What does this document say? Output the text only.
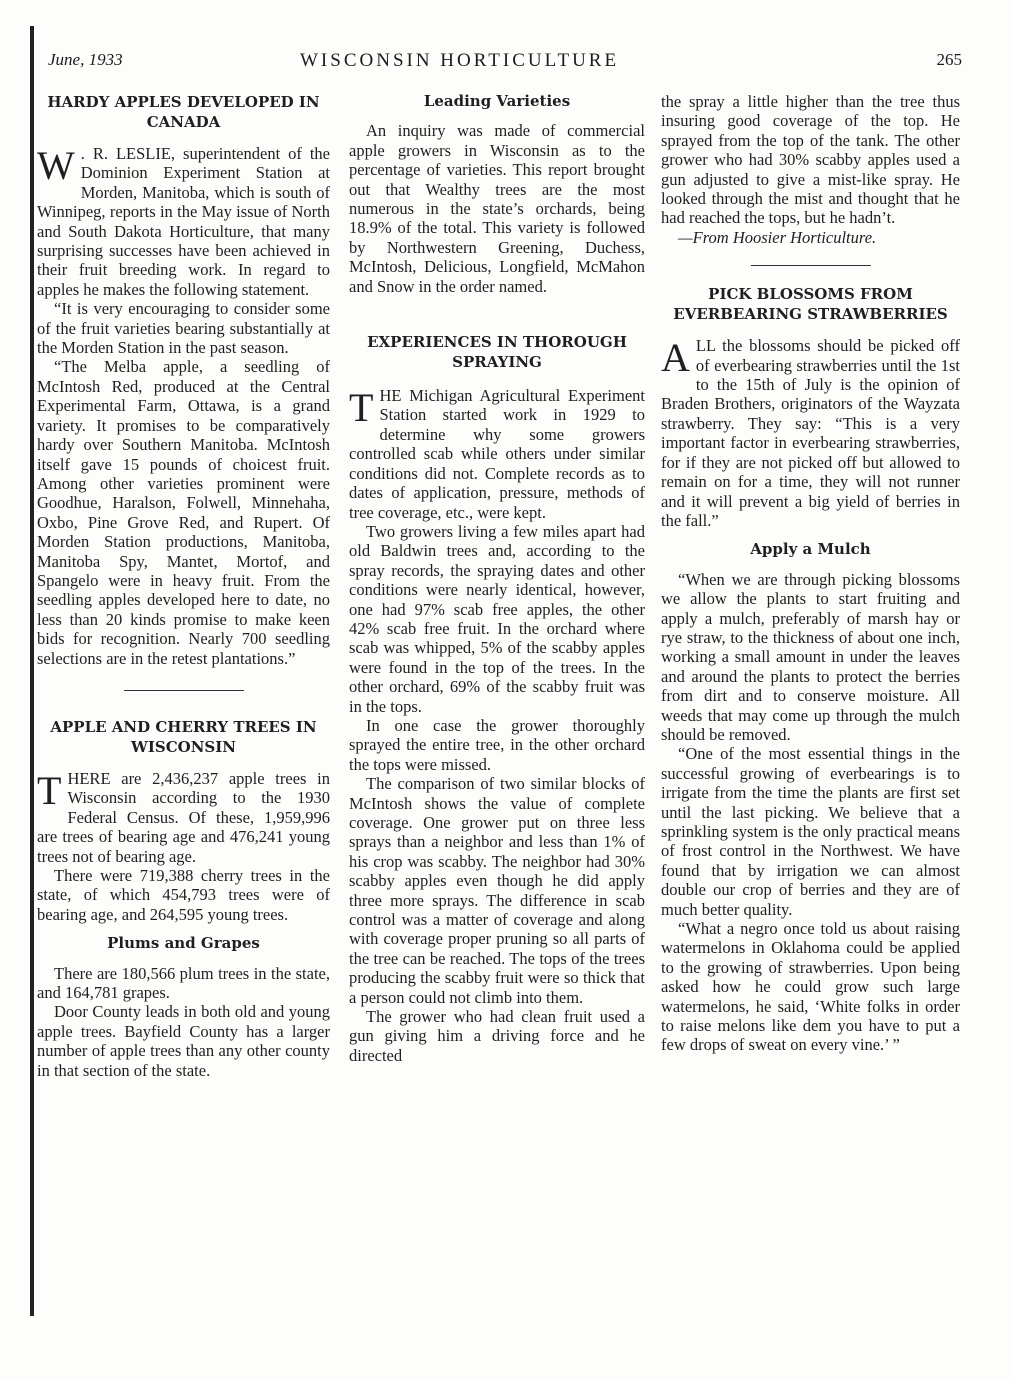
June, 1933	WISCONSIN HORTICULTURE	265
HARDY APPLES DEVELOPED IN CANADA

W . R. LESLIE, superintendent of the Dominion Experiment Station at Morden, Manitoba, which is south of Winnipeg, reports in the May issue of North and South Dakota Horticulture, that many surprising successes have been achieved in their fruit breeding work. In regard to apples he makes the following statement.

“It is very encouraging to consider some of the fruit varieties bearing substantially at the Morden Station in the past season.

“The Melba apple, a seedling of McIntosh Red, produced at the Central Experimental Farm, Ottawa, is a grand variety. It promises to be comparatively hardy over Southern Manitoba. McIntosh itself gave 15 pounds of choicest fruit. Among other varieties prominent were Goodhue, Haralson, Folwell, Minnehaha, Oxbo, Pine Grove Red, and Rupert. Of Morden Station productions, Manitoba, Manitoba Spy, Mantet, Mortof, and Spangelo were in heavy fruit. From the seedling apples developed here to date, no less than 20 kinds promise to make keen bids for recognition. Nearly 700 seedling selections are in the retest plantations.”

APPLE AND CHERRY TREES IN WISCONSIN

THERE are 2,436,237 apple trees in Wisconsin according to the 1930 Federal Census. Of these, 1,959,996 are trees of bearing age and 476,241 young trees not of bearing age.

There were 719,388 cherry trees in the state, of which 454,793 trees were of bearing age, and 264,595 young trees.

Plums and Grapes

There are 180,566 plum trees in the state, and 164,781 grapes.

Door County leads in both old and young apple trees. Bayfield County has a larger number of apple trees than any other county in that section of the state.

Leading Varieties

An inquiry was made of commercial apple growers in Wisconsin as to the percentage of varieties. This report brought out that Wealthy trees are the most numerous in the state’s orchards, being 18.9% of the total. This variety is followed by Northwestern Greening, Duchess, McIntosh, Delicious, Longfield, McMahon and Snow in the order named.

EXPERIENCES IN THOROUGH SPRAYING

THE Michigan Agricultural Experiment Station started work in 1929 to determine why some growers controlled scab while others under similar conditions did not. Complete records as to dates of application, pressure, methods of tree coverage, etc., were kept.

Two growers living a few miles apart had old Baldwin trees and, according to the spray records, the spraying dates and other conditions were nearly identical, however, one had 97% scab free apples, the other 42% scab free fruit. In the orchard where scab was whipped, 5% of the scabby apples were found in the top of the trees. In the other orchard, 69% of the scabby fruit was in the tops.

In one case the grower thoroughly sprayed the entire tree, in the other orchard the tops were missed.

The comparison of two similar blocks of McIntosh shows the value of complete coverage. One grower put on three less sprays than a neighbor and less than 1% of his crop was scabby. The neighbor had 30% scabby apples even though he did apply three more sprays. The difference in scab control was a matter of coverage and along with coverage proper pruning so all parts of the tree can be reached. The tops of the trees producing the scabby fruit were so thick that a person could not climb into them.

The grower who had clean fruit used a gun giving him a driving force and he directed

the spray a little higher than the tree thus insuring good coverage of the top. He sprayed from the top of the tank. The other grower who had 30% scabby apples used a gun adjusted to give a mist-like spray. He looked through the mist and thought that he had reached the tops, but he hadn’t.

—From Hoosier Horticulture.

PICK BLOSSOMS FROM EVERBEARING STRAWBERRIES

ALL the blossoms should be picked off of everbearing strawberries until the 1st to the 15th of July is the opinion of Braden Brothers, originators of the Wayzata strawberry. They say: “This is a very important factor in everbearing strawberries, for if they are not picked off but allowed to remain on for a time, they will not runner and it will prevent a big yield of berries in the fall.”

Apply a Mulch

“When we are through picking blossoms we allow the plants to start fruiting and apply a mulch, preferably of marsh hay or rye straw, to the thickness of about one inch, working a small amount in under the leaves and around the plants to protect the berries from dirt and to conserve moisture. All weeds that may come up through the mulch should be removed.

“One of the most essential things in the successful growing of everbearings is to irrigate from the time the plants are first set until the last picking. We believe that a sprinkling system is the only practical means of frost control in the Northwest. We have found that by irrigation we can almost double our crop of berries and they are of much better quality.

“What a negro once told us about raising watermelons in Oklahoma could be applied to the growing of strawberries. Upon being asked how he could grow such large watermelons, he said, ‘White folks in order to raise melons like dem you have to put a few drops of sweat on every vine.’ ”
